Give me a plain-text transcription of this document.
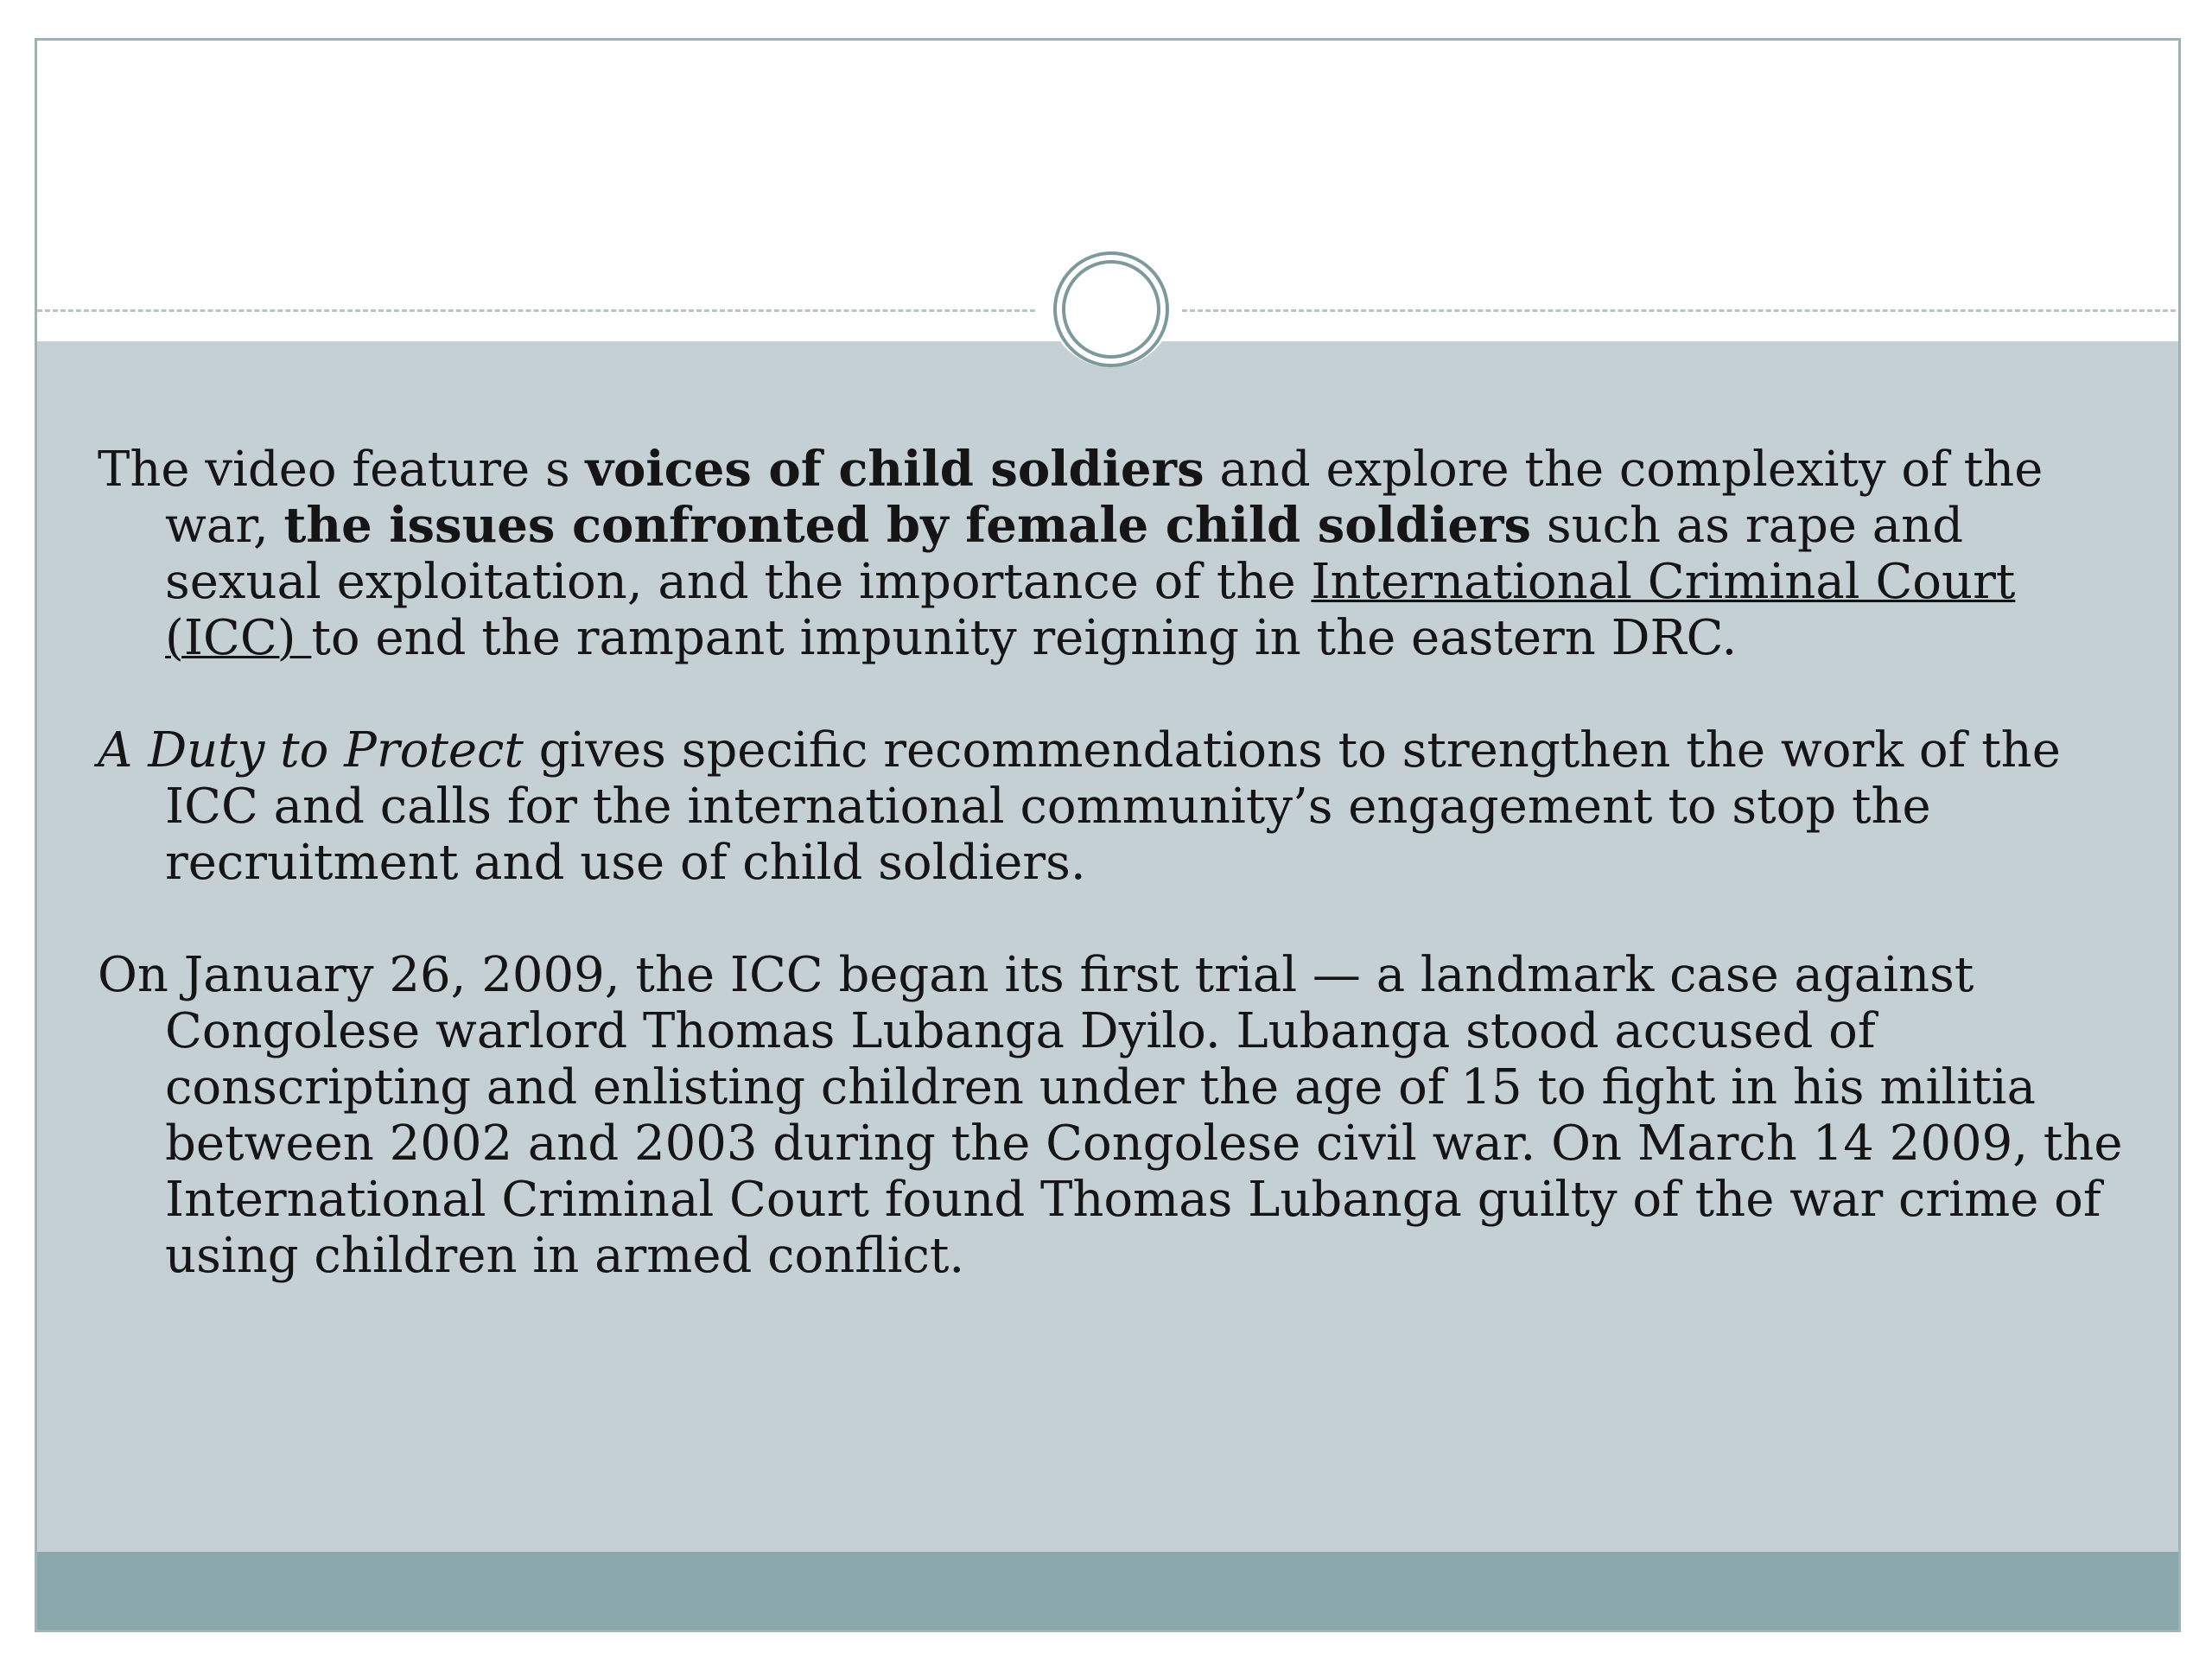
The video feature s voices of child soldiers and explore the complexity of the war, the issues confronted by female child soldiers such as rape and sexual exploitation, and the importance of the International Criminal Court (ICC) to end the rampant impunity reigning in the eastern DRC.

A Duty to Protect gives specific recommendations to strengthen the work of the ICC and calls for the international community’s engagement to stop the recruitment and use of child soldiers.

On January 26, 2009, the ICC began its first trial — a landmark case against Congolese warlord Thomas Lubanga Dyilo. Lubanga stood accused of conscripting and enlisting children under the age of 15 to fight in his militia between 2002 and 2003 during the Congolese civil war. On March 14 2009, the International Criminal Court found Thomas Lubanga guilty of the war crime of using children in armed conflict.
